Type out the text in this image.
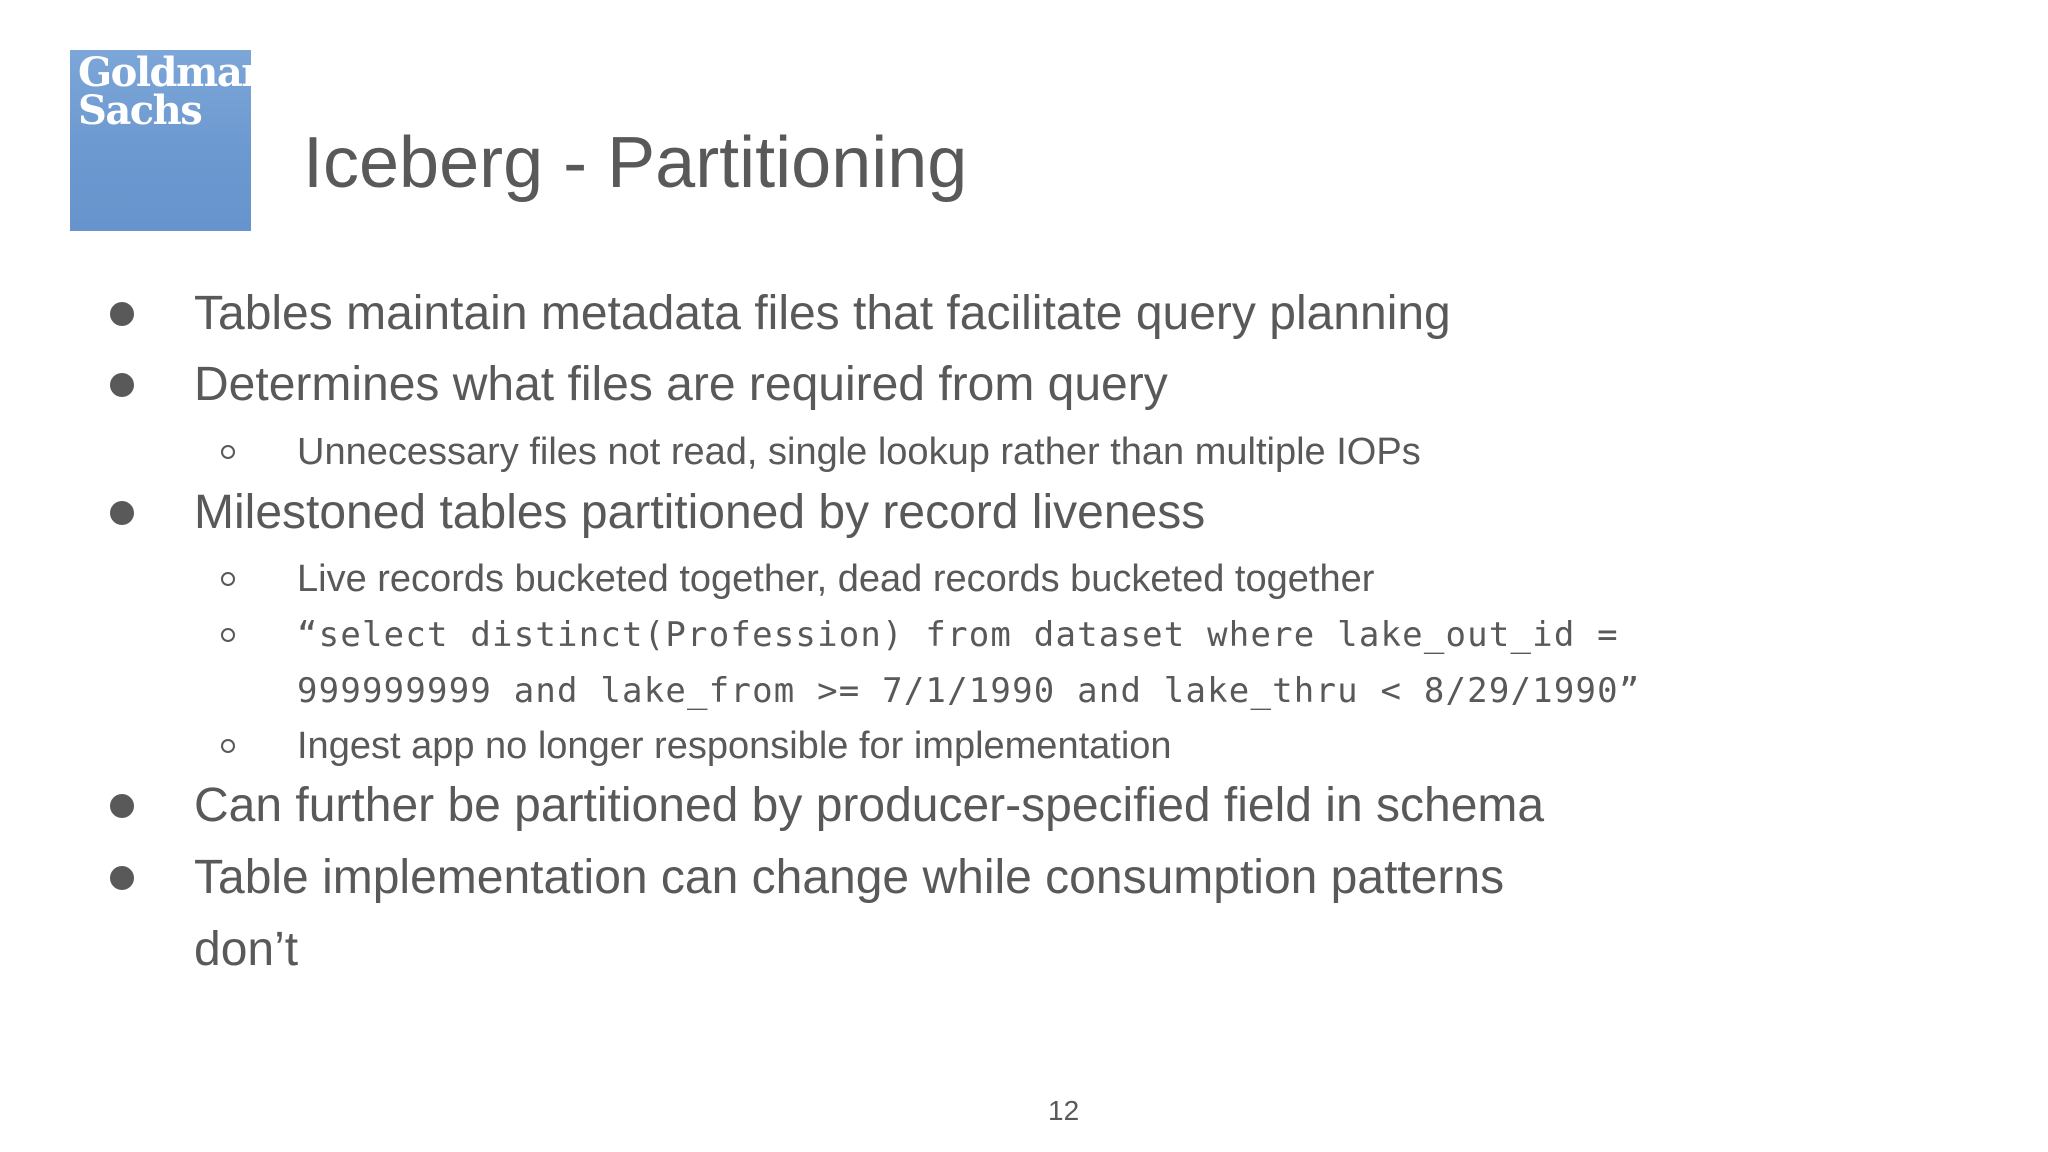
Goldman
Sachs
Iceberg - Partitioning
Tables maintain metadata files that facilitate query planning
Determines what files are required from query
Unnecessary files not read, single lookup rather than multiple IOPs
Milestoned tables partitioned by record liveness
Live records bucketed together, dead records bucketed together
“select distinct(Profession) from dataset where lake_out_id =
999999999 and lake_from >= 7/1/1990 and lake_thru < 8/29/1990”
Ingest app no longer responsible for implementation
Can further be partitioned by producer-specified field in schema
Table implementation can change while consumption patterns
don’t
12
